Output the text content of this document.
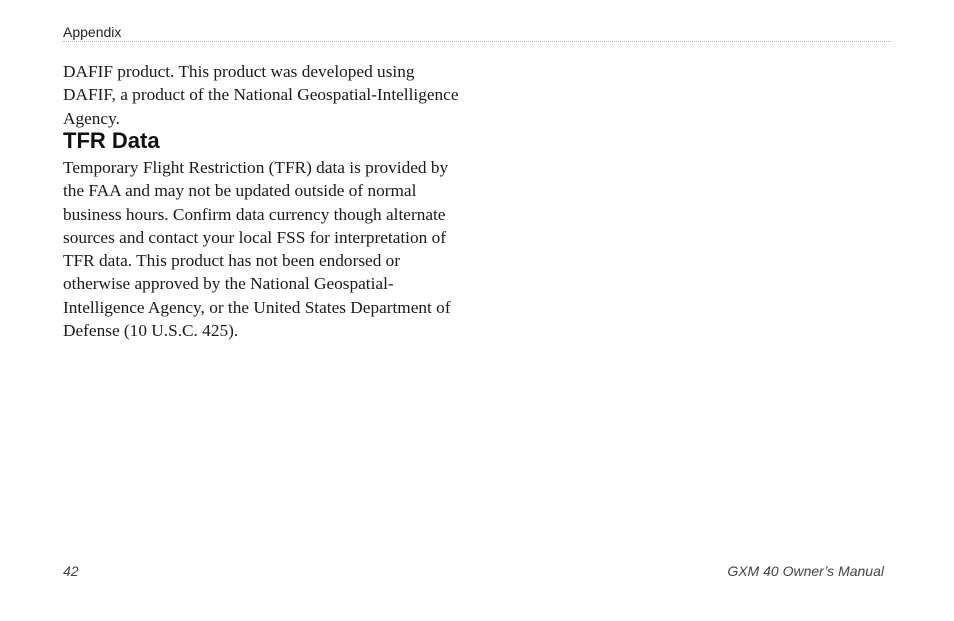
Appendix

DAFIF product. This product was developed using DAFIF, a product of the National Geospatial-Intelligence Agency.

TFR Data

Temporary Flight Restriction (TFR) data is provided by the FAA and may not be updated outside of normal business hours. Confirm data currency though alternate sources and contact your local FSS for interpretation of TFR data. This product has not been endorsed or otherwise approved by the National Geospatial-Intelligence Agency, or the United States Department of Defense (10 U.S.C. 425).

42	GXM 40 Owner’s Manual
